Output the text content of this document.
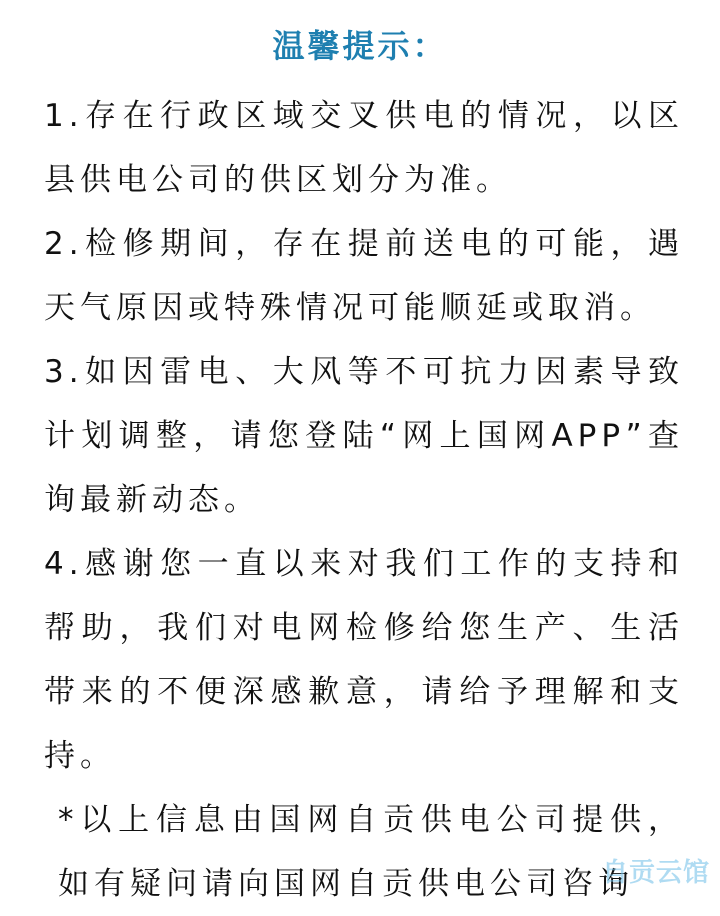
温馨提示：

1.存在行政区域交叉供电的情况，以区县供电公司的供区划分为准。

2.检修期间，存在提前送电的可能，遇天气原因或特殊情况可能顺延或取消。

3.如因雷电、大风等不可抗力因素导致计划调整，请您登陆“网上国网APP”查询最新动态。

4.感谢您一直以来对我们工作的支持和帮助，我们对电网检修给您生产、生活带来的不便深感歉意，请给予理解和支持。

*以上信息由国网自贡供电公司提供，如有疑问请向国网自贡供电公司咨询

自贡云馆
